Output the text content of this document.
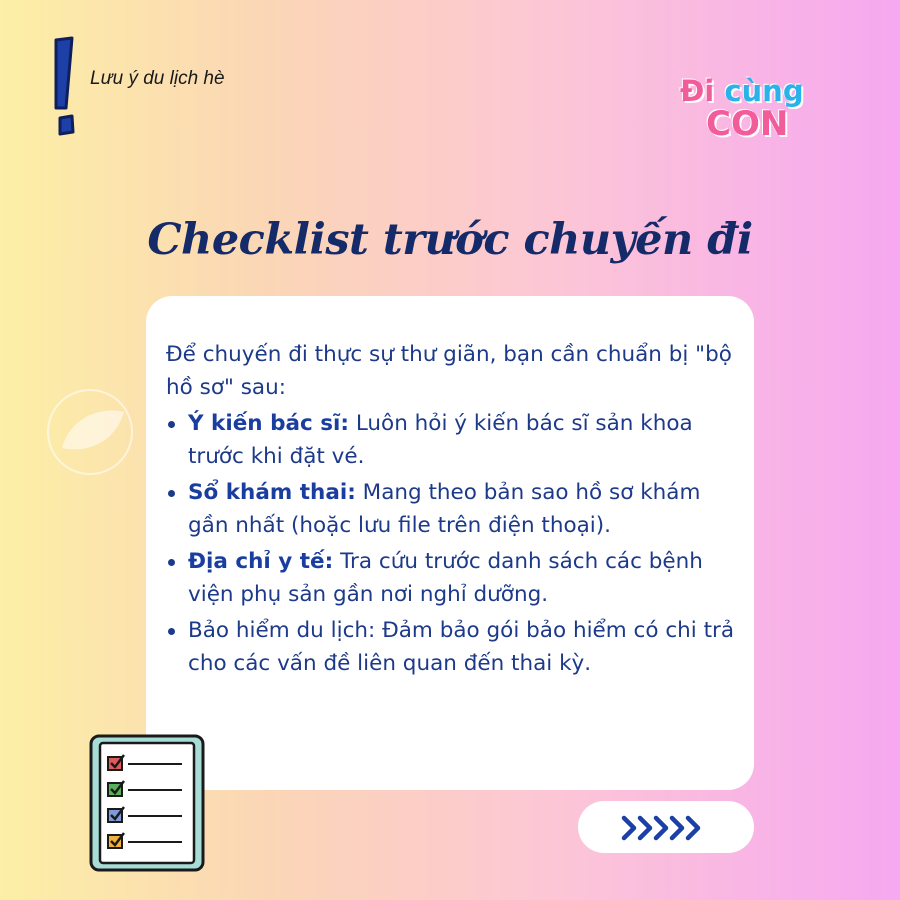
Lưu ý du lịch hè	Đi cùng
CON
Checklist trước chuyến đi

Để chuyến đi thực sự thư giãn, bạn cần chuẩn bị "bộ hồ sơ" sau:

Ý kiến bác sĩ: Luôn hỏi ý kiến bác sĩ sản khoa trước khi đặt vé.
Sổ khám thai: Mang theo bản sao hồ sơ khám gần nhất (hoặc lưu file trên điện thoại).
Địa chỉ y tế: Tra cứu trước danh sách các bệnh viện phụ sản gần nơi nghỉ dưỡng.
Bảo hiểm du lịch: Đảm bảo gói bảo hiểm có chi trả cho các vấn đề liên quan đến thai kỳ.
